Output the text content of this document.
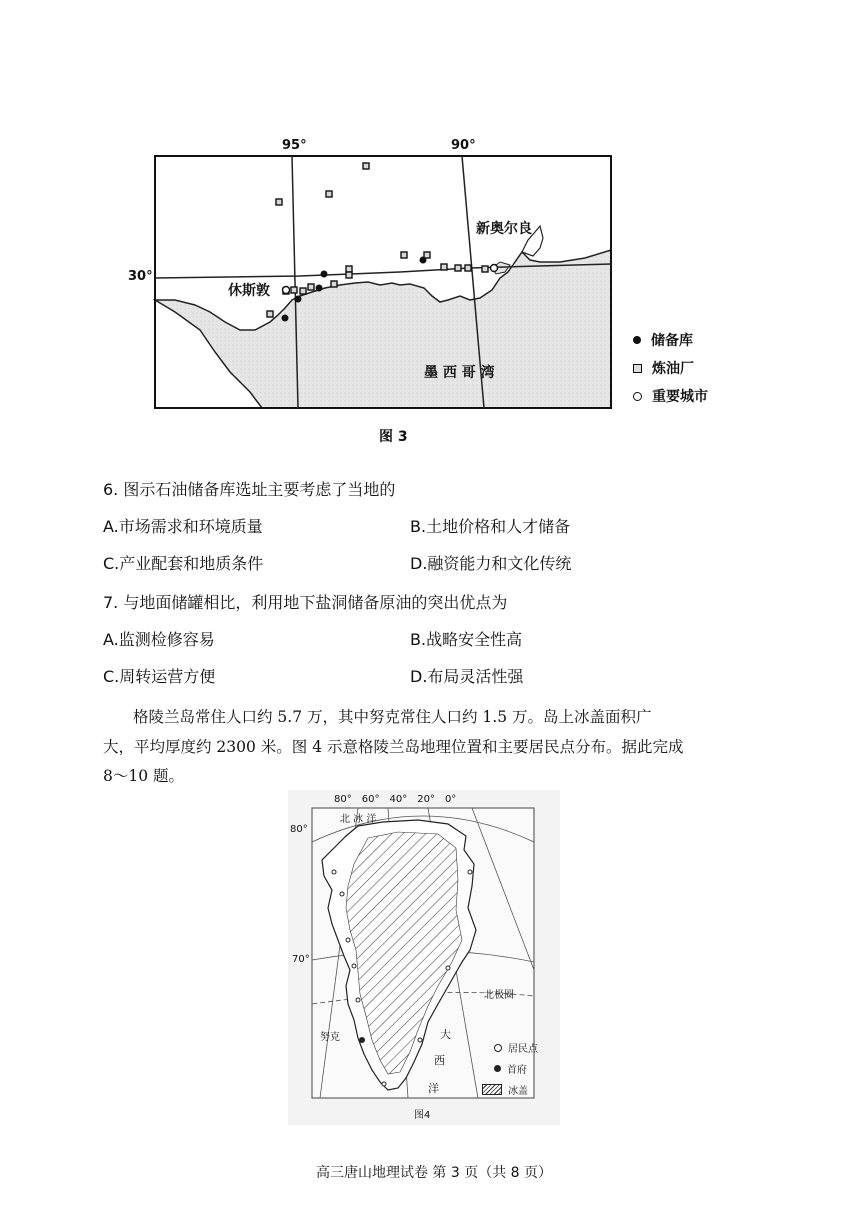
95°	90°
30°
新奥尔良
休斯敦
墨 西 哥 湾
储备库
炼油厂
重要城市
图 3
6. 图示石油储备库选址主要考虑了当地的
A.市场需求和环境质量	B.土地价格和人才储备
C.产业配套和地质条件	D.融资能力和文化传统
7. 与地面储罐相比，利用地下盐洞储备原油的突出优点为
A.监测检修容易	B.战略安全性高
C.周转运营方便	D.布局灵活性强
格陵兰岛常住人口约 5.7 万，其中努克常住人口约 1.5 万。岛上冰盖面积广
大，平均厚度约 2300 米。图 4 示意格陵兰岛地理位置和主要居民点分布。据此完成
8～10 题。
80° 60° 40° 20° 0°
80°
70°
北 冰 洋
北极圈
努克	大
西
洋
居民点
首府
冰盖
图4
高三唐山地理试卷 第 3 页（共 8 页）
